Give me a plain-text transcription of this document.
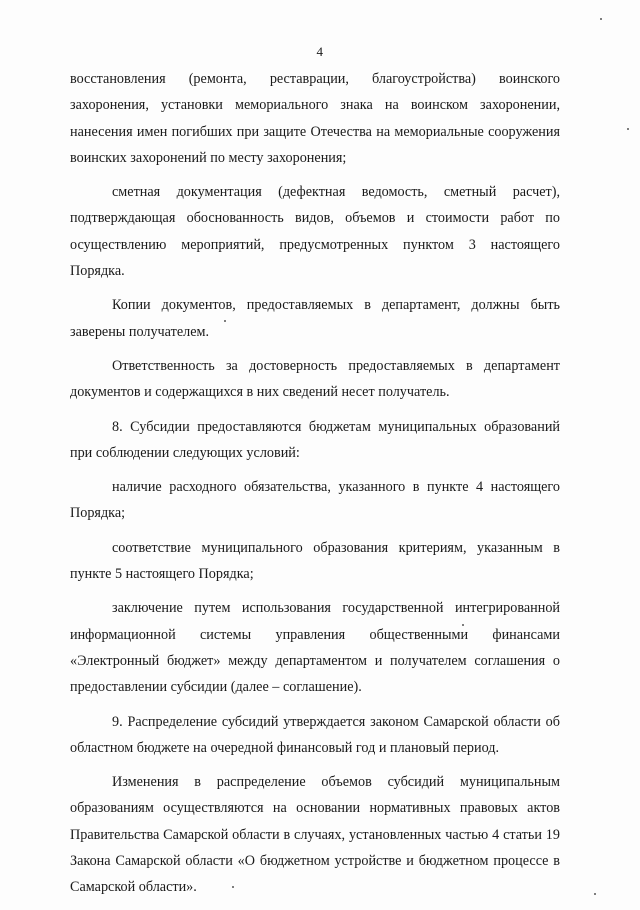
4

восстановления (ремонта, реставрации, благоустройства) воинского захоронения, установки мемориального знака на воинском захоронении, нанесения имен погибших при защите Отечества на мемориальные сооружения воинских захоронений по месту захоронения;

сметная документация (дефектная ведомость, сметный расчет), подтверждающая обоснованность видов, объемов и стоимости работ по осуществлению мероприятий, предусмотренных пунктом 3 настоящего Порядка.

Копии документов, предоставляемых в департамент, должны быть заверены получателем.

Ответственность за достоверность предоставляемых в департамент документов и содержащихся в них сведений несет получатель.

8. Субсидии предоставляются бюджетам муниципальных образований при соблюдении следующих условий:

наличие расходного обязательства, указанного в пункте 4 настоящего Порядка;

соответствие муниципального образования критериям, указанным в пункте 5 настоящего Порядка;

заключение путем использования государственной интегрированной информационной системы управления общественными финансами «Электронный бюджет» между департаментом и получателем соглашения о предоставлении субсидии (далее – соглашение).

9. Распределение субсидий утверждается законом Самарской области об областном бюджете на очередной финансовый год и плановый период.

Изменения в распределение объемов субсидий муниципальным образованиям осуществляются на основании нормативных правовых актов Правительства Самарской области в случаях, установленных частью 4 статьи 19 Закона Самарской области «О бюджетном устройстве и бюджетном процессе в Самарской области».
